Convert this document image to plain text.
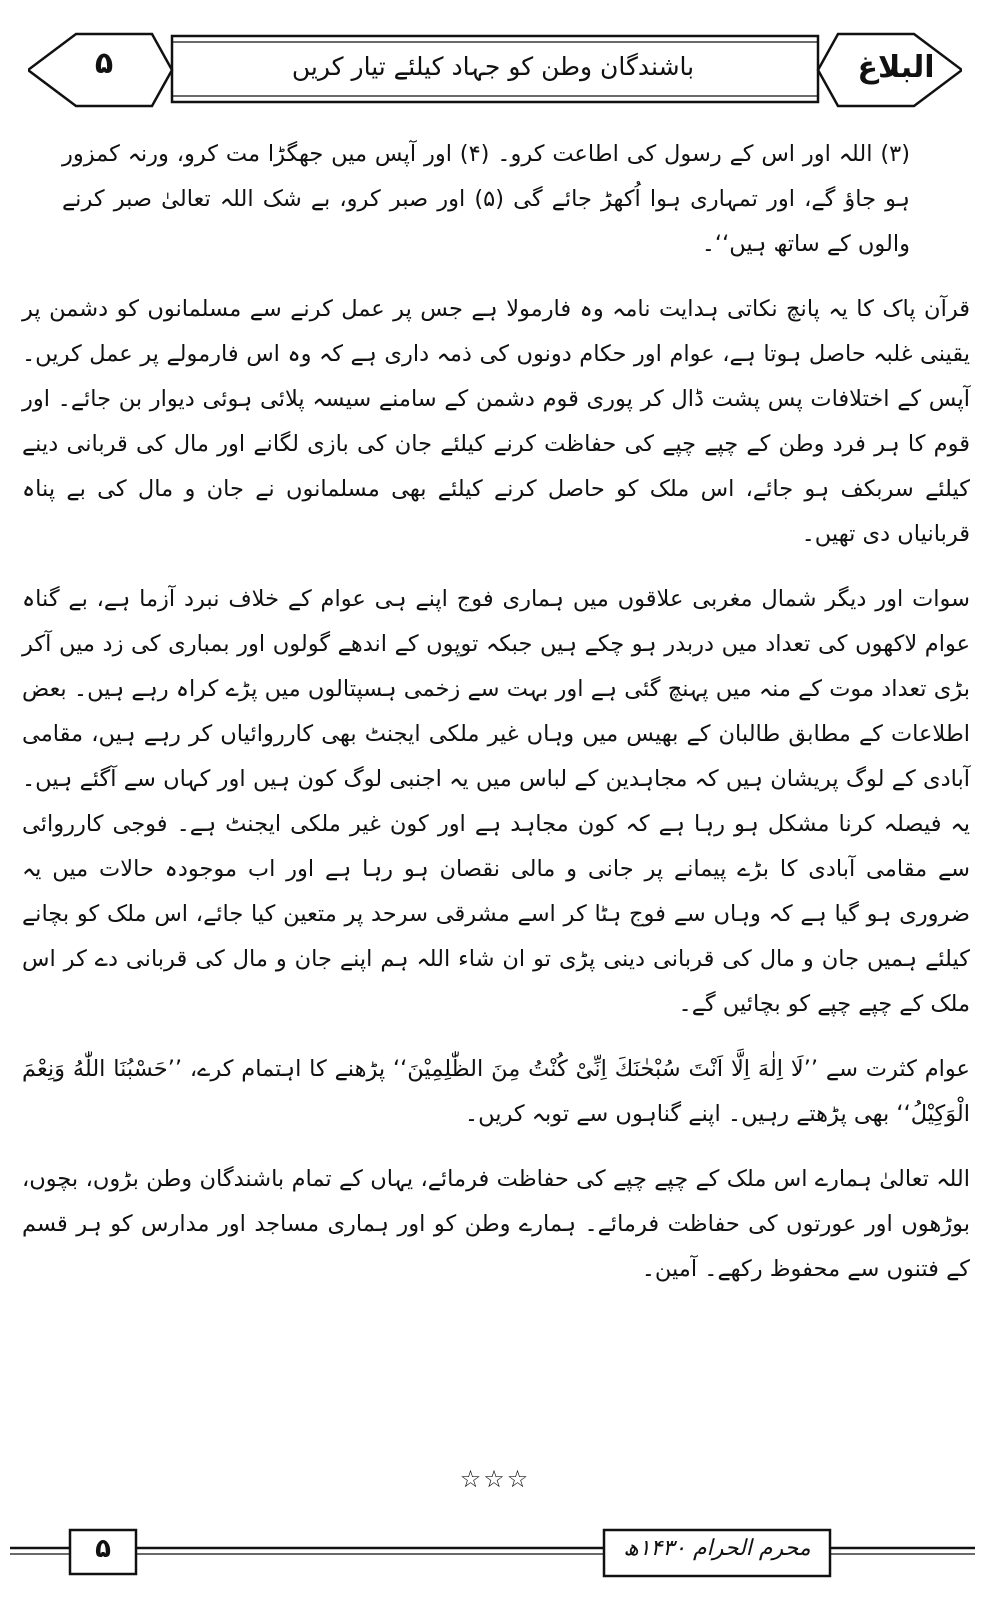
۵	باشندگان وطن کو جہاد کیلئے تیار کریں	البلاغ

(۳) اللہ اور اس کے رسول کی اطاعت کرو۔ (۴) اور آپس میں جھگڑا مت کرو، ورنہ کمزور ہو جاؤ گے، اور تمہاری ہوا اُکھڑ جائے گی (۵) اور صبر کرو، بے شک اللہ تعالیٰ صبر کرنے والوں کے ساتھ ہیں‘‘۔

قرآن پاک کا یہ پانچ نکاتی ہدایت نامہ وہ فارمولا ہے جس پر عمل کرنے سے مسلمانوں کو دشمن پر یقینی غلبہ حاصل ہوتا ہے، عوام اور حکام دونوں کی ذمہ داری ہے کہ وہ اس فارمولے پر عمل کریں۔ آپس کے اختلافات پس پشت ڈال کر پوری قوم دشمن کے سامنے سیسہ پلائی ہوئی دیوار بن جائے۔ اور قوم کا ہر فرد وطن کے چپے چپے کی حفاظت کرنے کیلئے جان کی بازی لگانے اور مال کی قربانی دینے کیلئے سربکف ہو جائے، اس ملک کو حاصل کرنے کیلئے بھی مسلمانوں نے جان و مال کی بے پناہ قربانیاں دی تھیں۔

سوات اور دیگر شمال مغربی علاقوں میں ہماری فوج اپنے ہی عوام کے خلاف نبرد آزما ہے، بے گناہ عوام لاکھوں کی تعداد میں دربدر ہو چکے ہیں جبکہ توپوں کے اندھے گولوں اور بمباری کی زد میں آکر بڑی تعداد موت کے منہ میں پہنچ گئی ہے اور بہت سے زخمی ہسپتالوں میں پڑے کراہ رہے ہیں۔ بعض اطلاعات کے مطابق طالبان کے بھیس میں وہاں غیر ملکی ایجنٹ بھی کارروائیاں کر رہے ہیں، مقامی آبادی کے لوگ پریشان ہیں کہ مجاہدین کے لباس میں یہ اجنبی لوگ کون ہیں اور کہاں سے آگئے ہیں۔ یہ فیصلہ کرنا مشکل ہو رہا ہے کہ کون مجاہد ہے اور کون غیر ملکی ایجنٹ ہے۔ فوجی کارروائی سے مقامی آبادی کا بڑے پیمانے پر جانی و مالی نقصان ہو رہا ہے اور اب موجودہ حالات میں یہ ضروری ہو گیا ہے کہ وہاں سے فوج ہٹا کر اسے مشرقی سرحد پر متعین کیا جائے، اس ملک کو بچانے کیلئے ہمیں جان و مال کی قربانی دینی پڑی تو ان شاء اللہ ہم اپنے جان و مال کی قربانی دے کر اس ملک کے چپے چپے کو بچائیں گے۔

عوام کثرت سے ’’لَا اِلٰهَ اِلَّا اَنْتَ سُبْحٰنَكَ اِنِّیْ كُنْتُ مِنَ الظّٰلِمِیْنَ‘‘ پڑھنے کا اہتمام کرے، ’’حَسْبُنَا اللّٰهُ وَنِعْمَ الْوَكِیْلُ‘‘ بھی پڑھتے رہیں۔ اپنے گناہوں سے توبہ کریں۔

اللہ تعالیٰ ہمارے اس ملک کے چپے چپے کی حفاظت فرمائے، یہاں کے تمام باشندگان وطن بڑوں، بچوں، بوڑھوں اور عورتوں کی حفاظت فرمائے۔ ہمارے وطن کو اور ہماری مساجد اور مدارس کو ہر قسم کے فتنوں سے محفوظ رکھے۔ آمین۔

☆☆☆
۵	محرم الحرام ۱۴۳۰ھ
